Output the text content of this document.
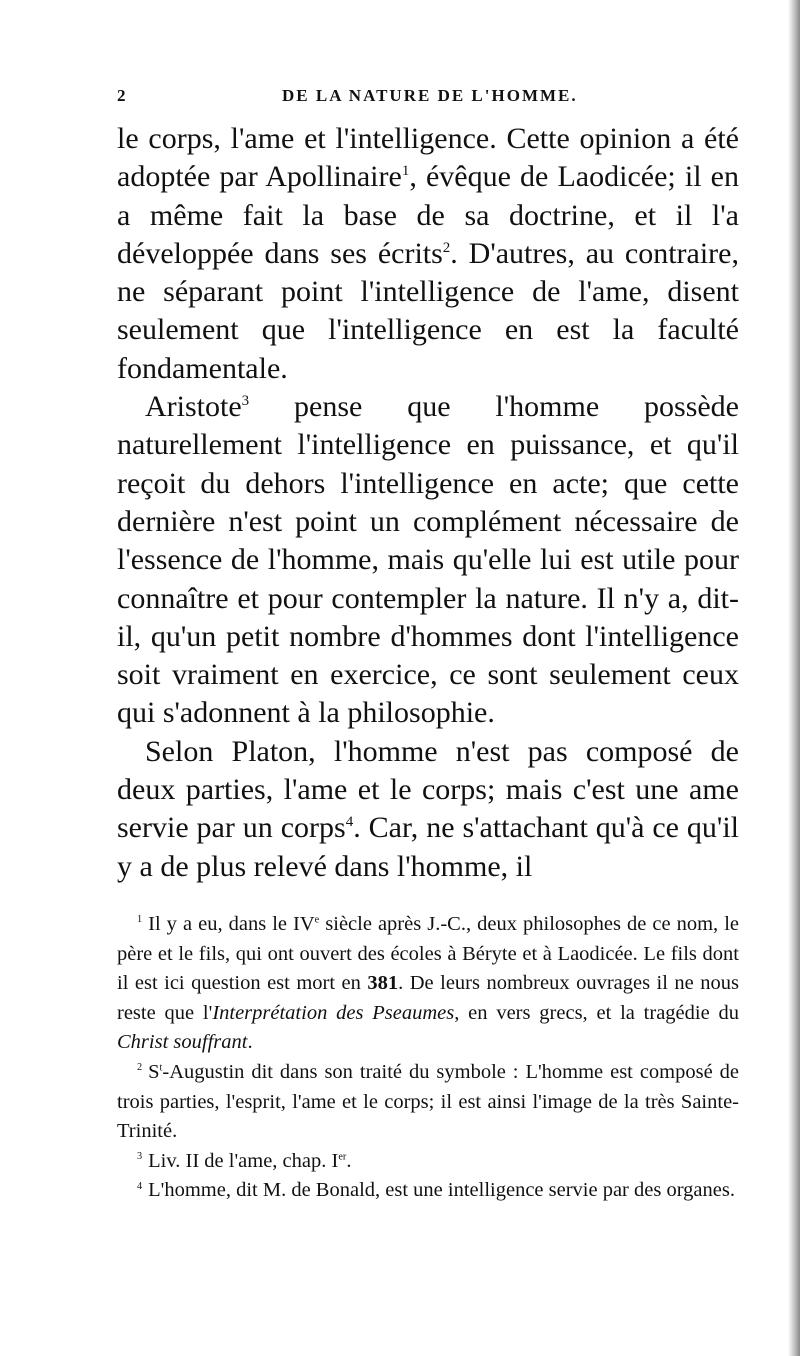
2	DE LA NATURE DE L'HOMME.

le corps, l'ame et l'intelligence. Cette opinion a été adoptée par Apollinaire$^1$, évêque de Laodicée; il en a même fait la base de sa doctrine, et il l'a développée dans ses écrits$^2$. D'autres, au contraire, ne séparant point l'intelligence de l'ame, disent seulement que l'intelligence en est la faculté fondamentale.

Aristote$^3$ pense que l'homme possède naturellement l'intelligence en puissance, et qu'il reçoit du dehors l'intelligence en acte; que cette dernière n'est point un complément nécessaire de l'essence de l'homme, mais qu'elle lui est utile pour connaître et pour contempler la nature. Il n'y a, dit-il, qu'un petit nombre d'hommes dont l'intelligence soit vraiment en exercice, ce sont seulement ceux qui s'adonnent à la philosophie.

Selon Platon, l'homme n'est pas composé de deux parties, l'ame et le corps; mais c'est une ame servie par un corps$^4$. Car, ne s'attachant qu'à ce qu'il y a de plus relevé dans l'homme, il

$^1$ Il y a eu, dans le IVe siècle après J.-C., deux philosophes de ce nom, le père et le fils, qui ont ouvert des écoles à Béryte et à Laodicée. Le fils dont il est ici question est mort en 381. De leurs nombreux ouvrages il ne nous reste que l'Interprétation des Pseaumes, en vers grecs, et la tragédie du Christ souffrant.

$^2$ $S^t$-Augustin dit dans son traité du symbole : L'homme est composé de trois parties, l'esprit, l'ame et le corps; il est ainsi l'image de la très Sainte-Trinité.

$^3$ Liv. II de l'ame, chap. Ier.

$^4$ L'homme, dit M. de Bonald, est une intelligence servie par des organes.
